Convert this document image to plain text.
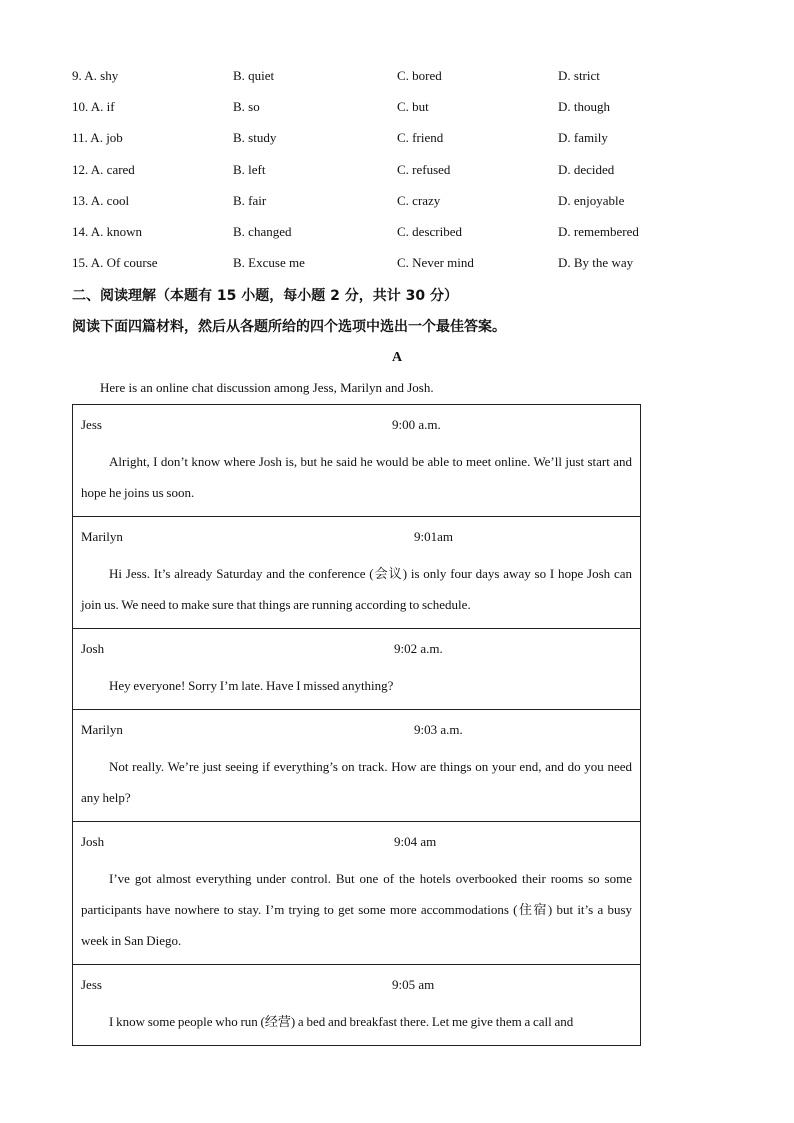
9. A. shy	B. quiet	C. bored	D. strict
10. A. if	B. so	C. but	D. though
11. A. job	B. study	C. friend	D. family
12. A. cared	B. left	C. refused	D. decided
13. A. cool	B. fair	C. crazy	D. enjoyable
14. A. known	B. changed	C. described	D. remembered
15. A. Of course	B. Excuse me	C. Never mind	D. By the way
二、阅读理解（本题有 15 小题，每小题 2 分，共计 30 分）
阅读下面四篇材料，然后从各题所给的四个选项中选出一个最佳答案。
A
Here is an online chat discussion among Jess, Marilyn and Josh.
Jess	9:00 a.m.
Alright, I don’t know where Josh is, but he said he would be able to meet online. We’ll just start and hope he joins us soon.
Marilyn	9:01am
Hi Jess. It’s already Saturday and the conference (会议) is only four days away so I hope Josh can join us. We need to make sure that things are running according to schedule.
Josh	9:02 a.m.
Hey everyone! Sorry I’m late. Have I missed anything?
Marilyn	9:03 a.m.
Not really. We’re just seeing if everything’s on track. How are things on your end, and do you need any help?
Josh	9:04 am
I’ve got almost everything under control. But one of the hotels overbooked their rooms so some participants have nowhere to stay. I’m trying to get some more accommodations (住宿) but it’s a busy week in San Diego.
Jess	9:05 am
I know some people who run (经营) a bed and breakfast there. Let me give them a call and
